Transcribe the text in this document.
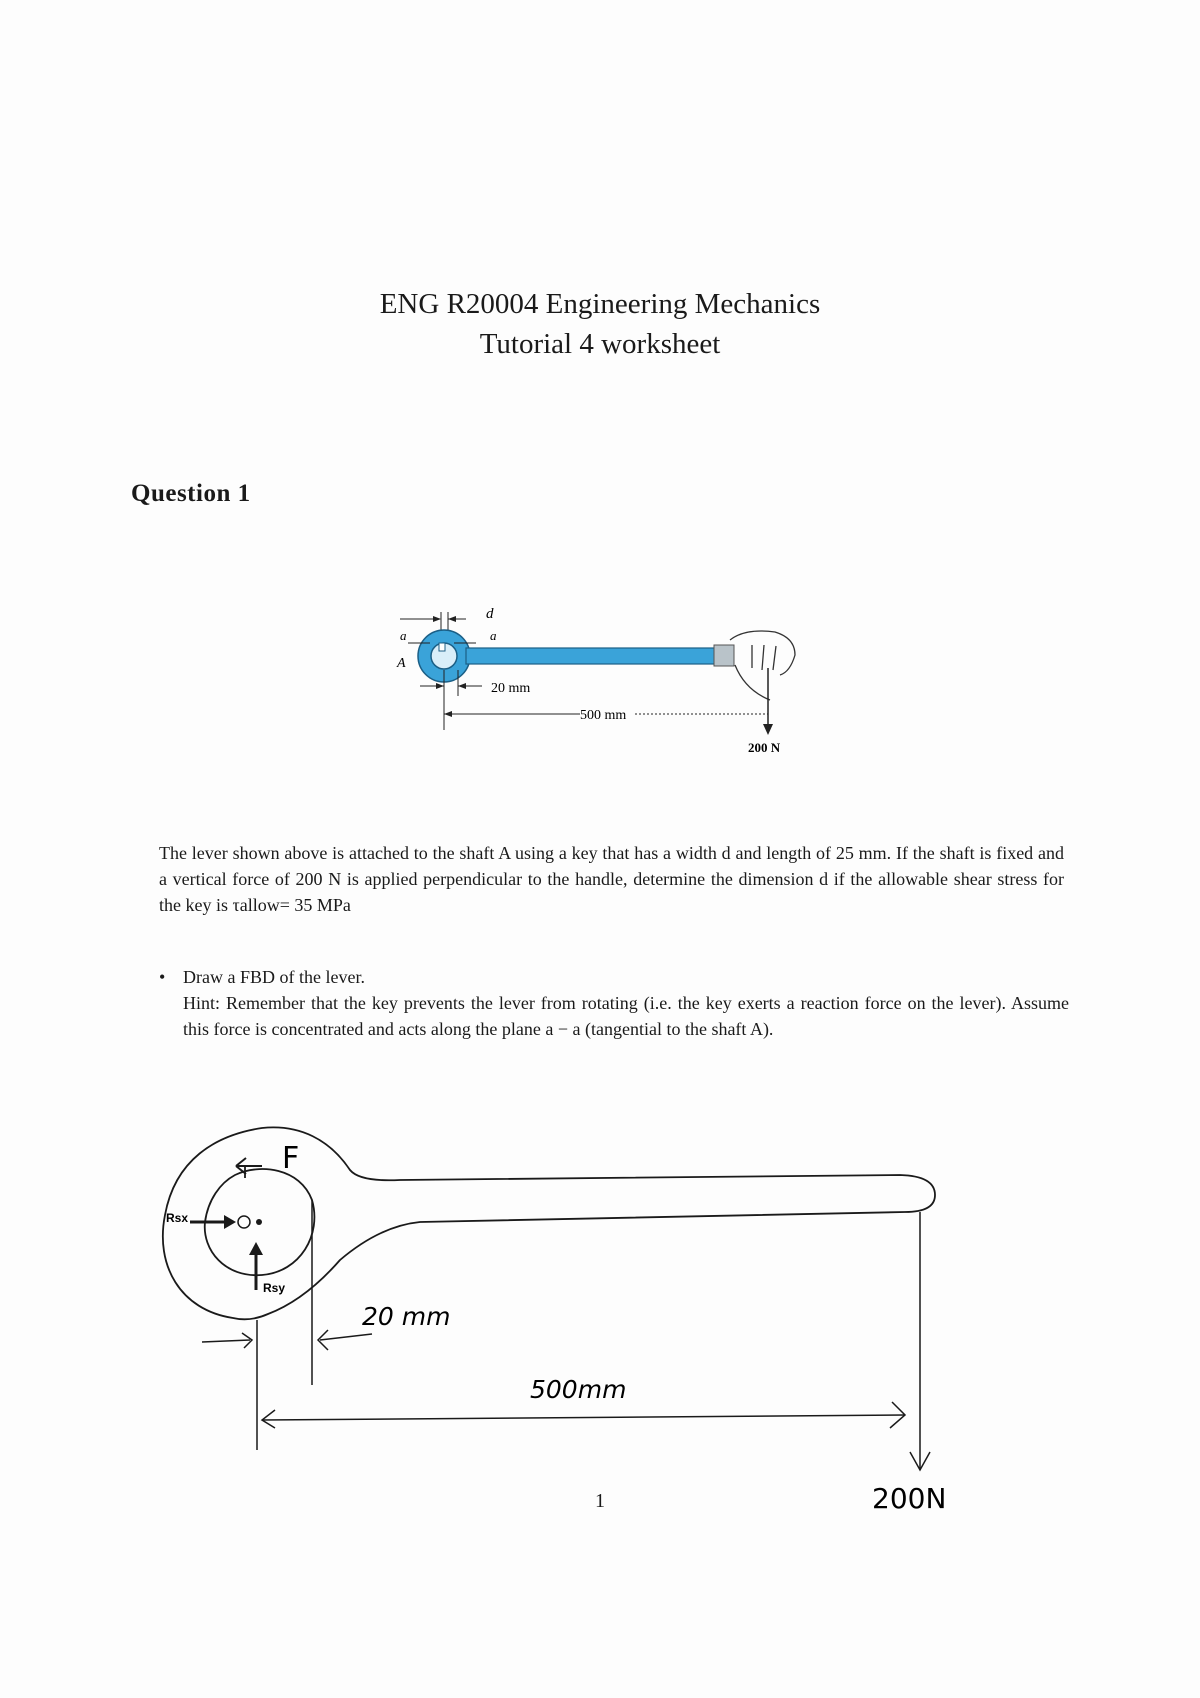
ENG R20004 Engineering Mechanics
Tutorial 4 worksheet
Question 1
d
a	a
A
20 mm
500 mm
200 N
The lever shown above is attached to the shaft A using a key that has a width d and length of 25 mm. If the shaft is fixed and a vertical force of 200 N is applied perpendicular to the handle, determine the dimension d if the allowable shear stress for the key is τallow= 35 MPa
• Draw a FBD of the lever.
Hint: Remember that the key prevents the lever from rotating (i.e. the key exerts a reaction force on the lever). Assume this force is concentrated and acts along the plane a − a (tangential to the shaft A).
F
Rsx
Rsy
20 mm
500mm
200N
1
